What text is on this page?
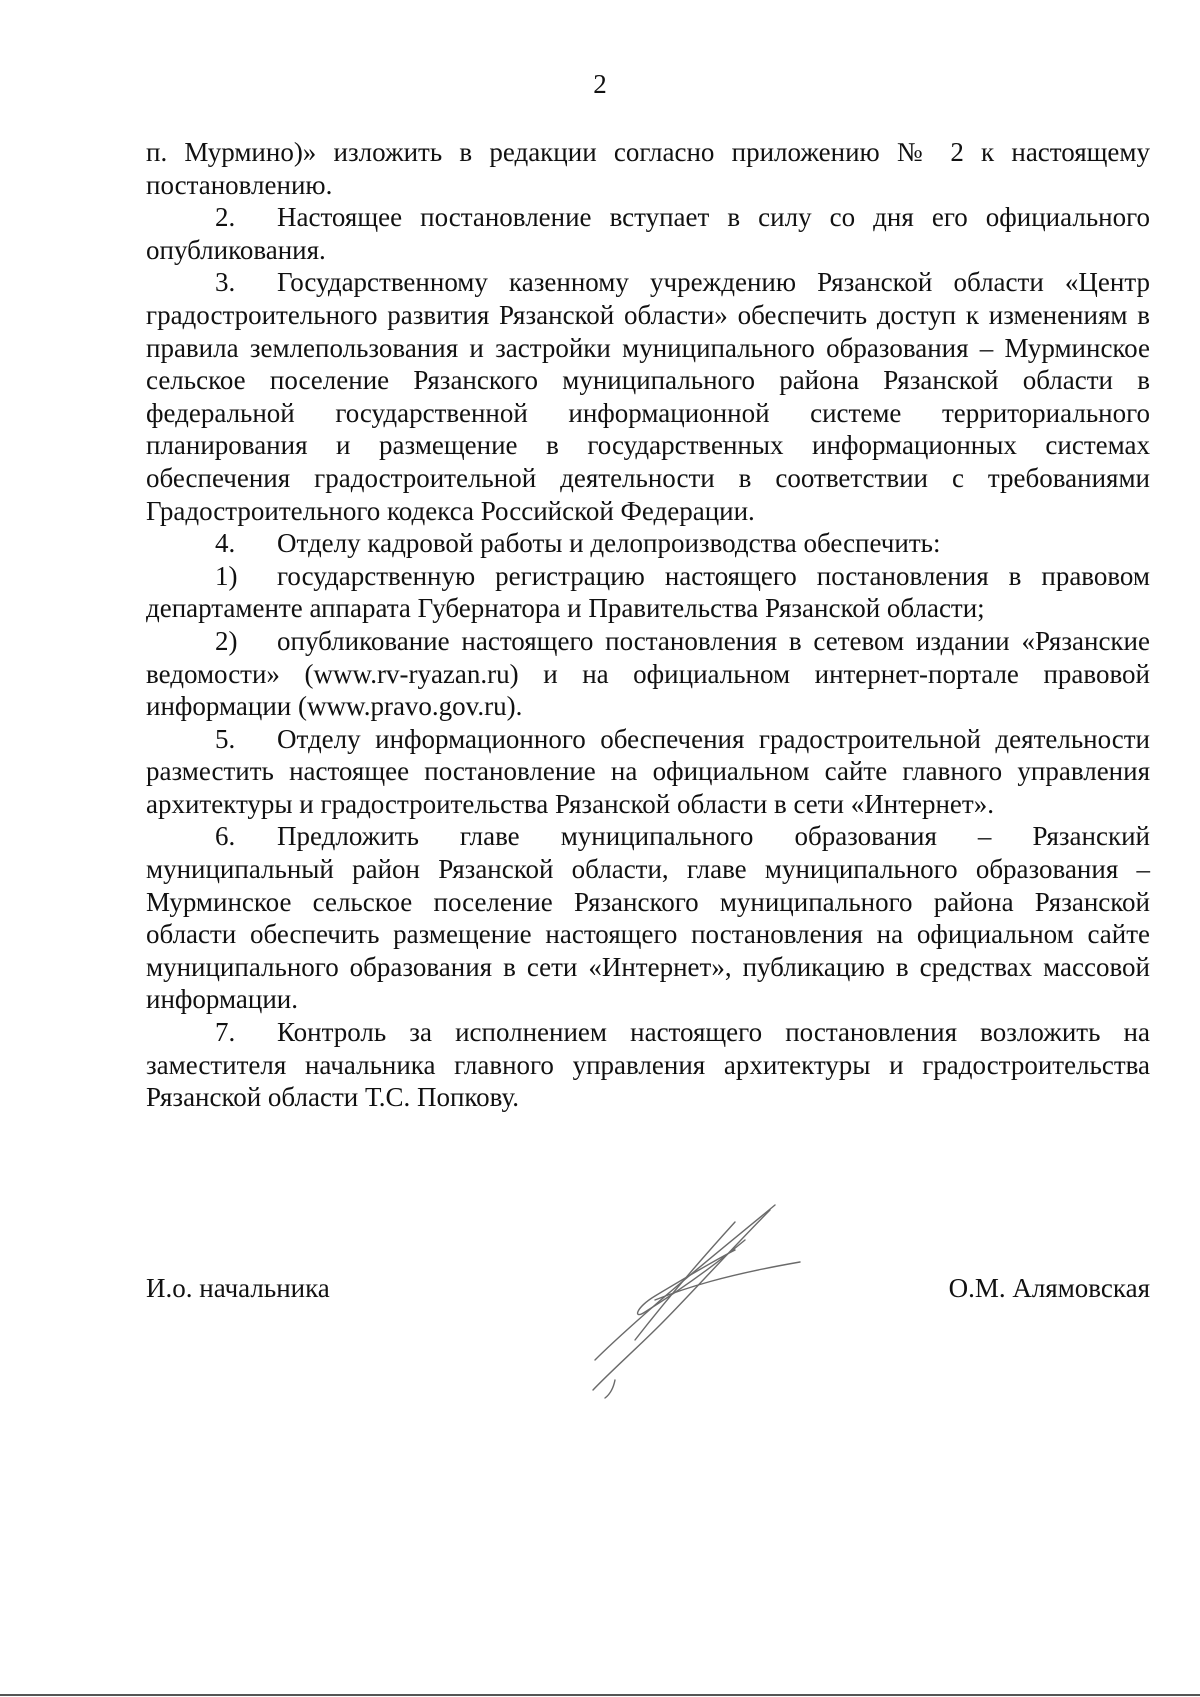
2

п. Мурмино)» изложить в редакции согласно приложению № 2 к настоящему постановлению.

2. Настоящее постановление вступает в силу со дня его официального опубликования.

3. Государственному казенному учреждению Рязанской области «Центр градостроительного развития Рязанской области» обеспечить доступ к изменениям в правила землепользования и застройки муниципального образования – Мурминское сельское поселение Рязанского муниципального района Рязанской области в федеральной государственной информационной системе территориального планирования и размещение в государственных информационных системах обеспечения градостроительной деятельности в соответствии с требованиями Градостроительного кодекса Российской Федерации.

4. Отделу кадровой работы и делопроизводства обеспечить:

1) государственную регистрацию настоящего постановления в правовом департаменте аппарата Губернатора и Правительства Рязанской области;

2) опубликование настоящего постановления в сетевом издании «Рязанские ведомости» (www.rv-ryazan.ru) и на официальном интернет-портале правовой информации (www.pravo.gov.ru).

5. Отделу информационного обеспечения градостроительной деятельности разместить настоящее постановление на официальном сайте главного управления архитектуры и градостроительства Рязанской области в сети «Интернет».

6. Предложить главе муниципального образования – Рязанский муниципальный район Рязанской области, главе муниципального образования – Мурминское сельское поселение Рязанского муниципального района Рязанской области обеспечить размещение настоящего постановления на официальном сайте муниципального образования в сети «Интернет», публикацию в средствах массовой информации.

7. Контроль за исполнением настоящего постановления возложить на заместителя начальника главного управления архитектуры и градостроительства Рязанской области Т.С. Попкову.

И.о. начальника	О.М. Алямовская
